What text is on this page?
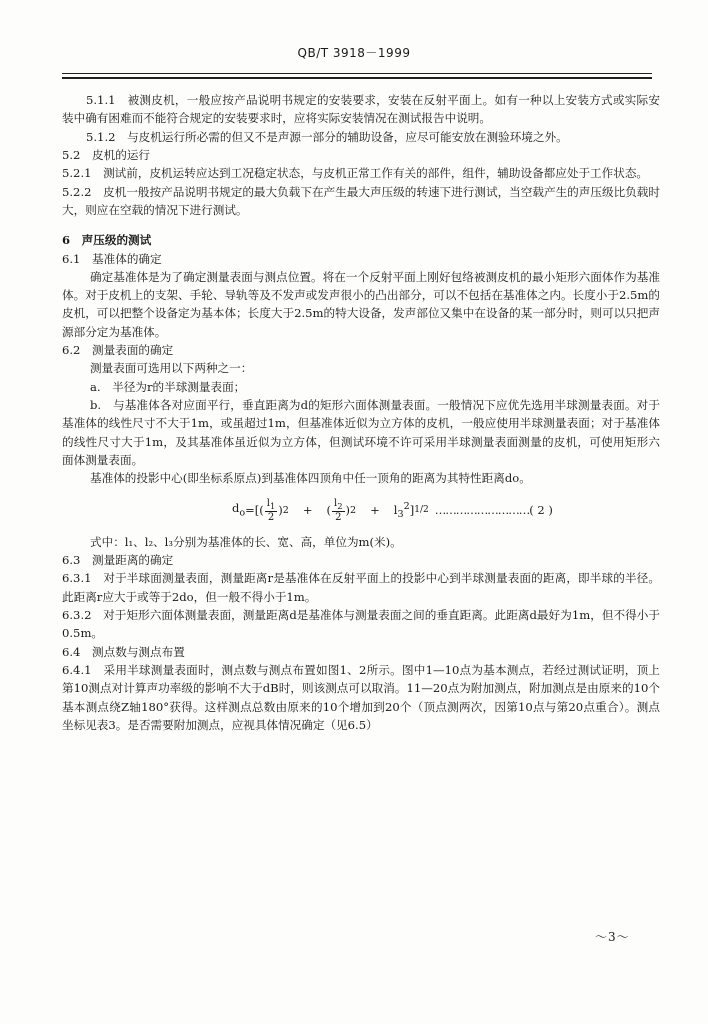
QB/T 3918－1999

5.1.1　被测皮机，一般应按产品说明书规定的安装要求，安装在反射平面上。如有一种以上安装方式或实际安装中确有困难而不能符合规定的安装要求时，应将实际安装情况在测试报告中说明。

5.1.2　与皮机运行所必需的但又不是声源一部分的辅助设备，应尽可能安放在测验环境之外。

5.2　皮机的运行

5.2.1　测试前，皮机运转应达到工况稳定状态，与皮机正常工作有关的部件，组件，辅助设备都应处于工作状态。

5.2.2　皮机一般按产品说明书规定的最大负载下在产生最大声压级的转速下进行测试，当空载产生的声压级比负载时大，则应在空载的情况下进行测试。

6　声压级的测试

6.1　基准体的确定

确定基准体是为了确定测量表面与测点位置。将在一个反射平面上刚好包络被测皮机的最小矩形六面体作为基准体。对于皮机上的支架、手轮、导轨等及不发声或发声很小的凸出部分，可以不包括在基准体之内。长度小于2.5m的皮机，可以把整个设备定为基本体；长度大于2.5m的特大设备，发声部位又集中在设备的某一部分时，则可以只把声源部分定为基准体。

6.2　测量表面的确定

测量表面可选用以下两种之一：

a.　半径为r的半球测量表面；

b.　与基准体各对应面平行，垂直距离为d的矩形六面体测量表面。一般情况下应优先选用半球测量表面。对于基准体的线性尺寸不大于1m，或虽超过1m，但基准体近似为立方体的皮机，一般应使用半球测量表面；对于基准体的线性尺寸大于1m，及其基准体虽近似为立方体，但测试环境不许可采用半球测量表面测量的皮机，可使用矩形六面体测量表面。

基准体的投影中心(即坐标系原点)到基准体四顶角中任一顶角的距离为其特性距离do。

$d_o$ =[( $l_1$
2
) 2 + ( $l_2$
2
) $2 + l_3^2$ ] 1/2 ……………………… ( 2 )

式中：l₁、l₂、l₃分别为基准体的长、宽、高，单位为m(米)。

6.3　测量距离的确定

6.3.1　对于半球面测量表面，测量距离r是基准体在反射平面上的投影中心到半球测量表面的距离，即半球的半径。此距离r应大于或等于2do，但一般不得小于1m。

6.3.2　对于矩形六面体测量表面，测量距离d是基准体与测量表面之间的垂直距离。此距离d最好为1m，但不得小于0.5m。

6.4　测点数与测点布置

6.4.1　采用半球测量表面时，测点数与测点布置如图1、2所示。图中1—10点为基本测点，若经过测试证明，顶上第10测点对计算声功率级的影响不大于dB时，则该测点可以取消。11—20点为附加测点，附加测点是由原来的10个基本测点绕Z轴180°获得。这样测点总数由原来的10个增加到20个（顶点测两次，因第10点与第20点重合）。测点坐标见表3。是否需要附加测点，应视具体情况确定（见6.5）

～3～
